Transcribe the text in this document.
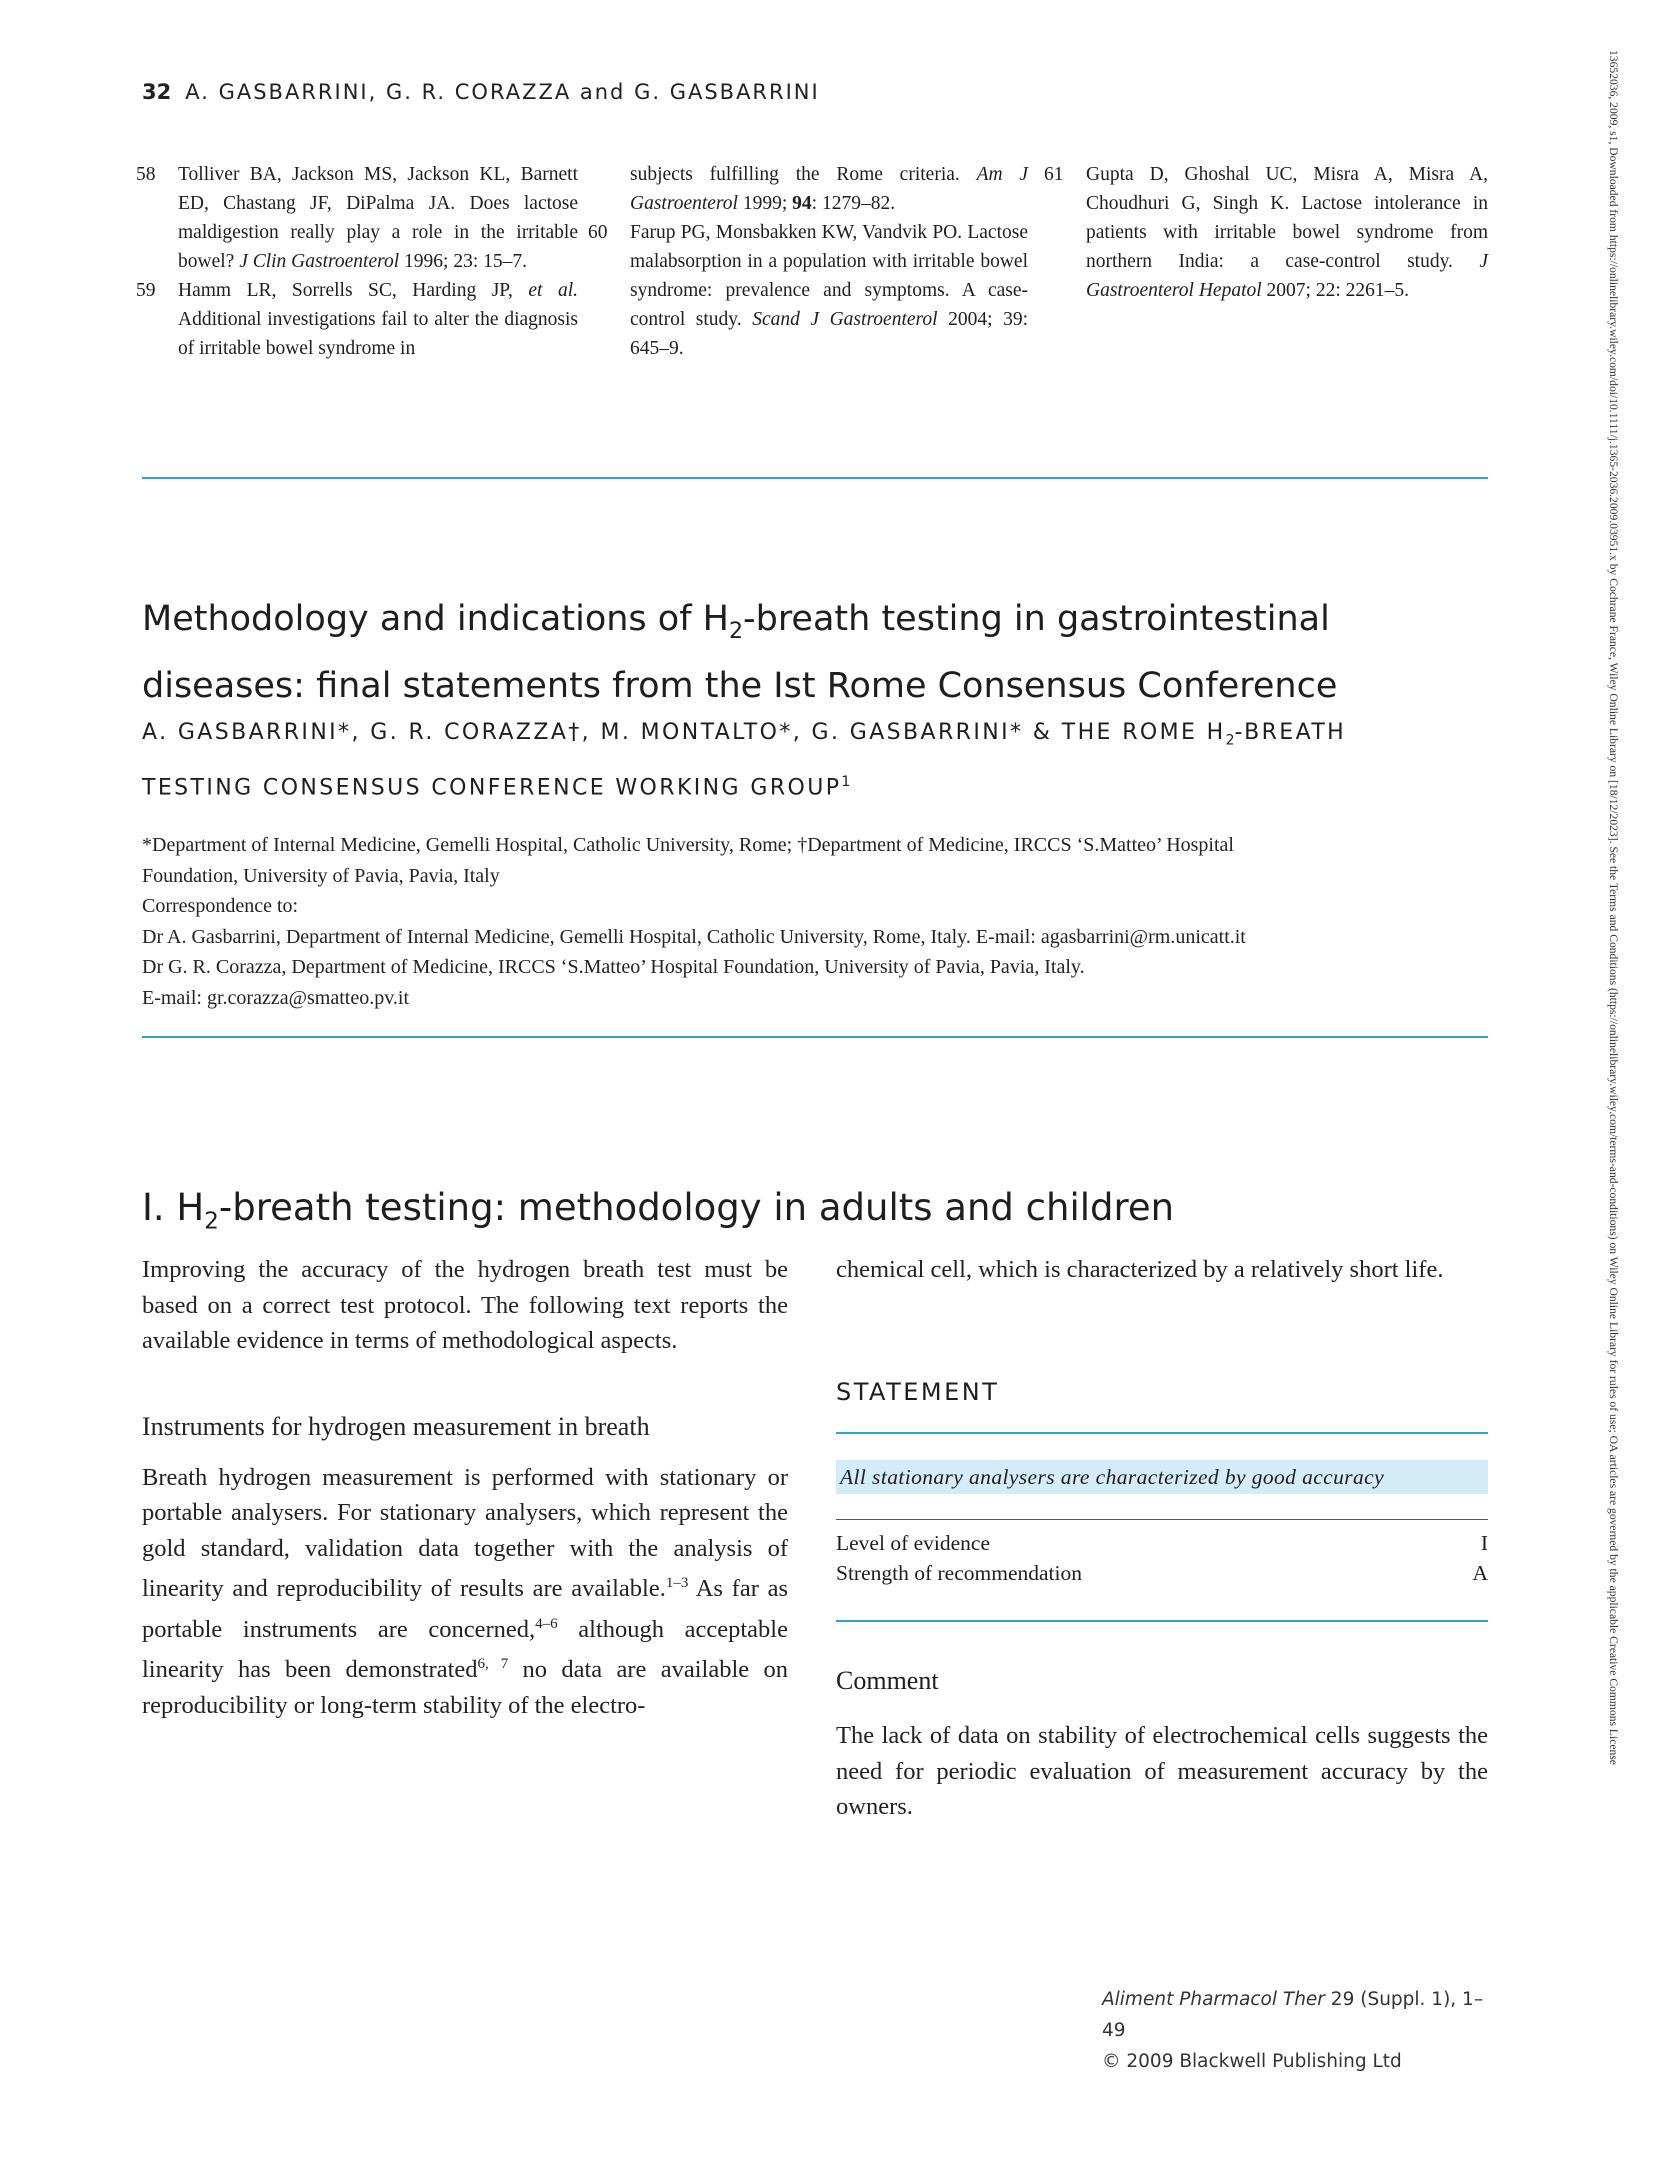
32 A. GASBARRINI, G. R. CORAZZA and G. GASBARRINI
58 Tolliver BA, Jackson MS, Jackson KL, Barnett ED, Chastang JF, DiPalma JA. Does lactose maldigestion really play a role in the irritable bowel? J Clin Gastroenterol 1996; 23: 15–7.
59 Hamm LR, Sorrells SC, Harding JP, et al. Additional investigations fail to alter the diagnosis of irritable bowel syndrome in
subjects fulfilling the Rome criteria. Am J Gastroenterol 1999; 94: 1279–82.
60 Farup PG, Monsbakken KW, Vandvik PO. Lactose malabsorption in a population with irritable bowel syndrome: prevalence and symptoms. A case-control study. Scand J Gastroenterol 2004; 39: 645–9.
61 Gupta D, Ghoshal UC, Misra A, Misra A, Choudhuri G, Singh K. Lactose intolerance in patients with irritable bowel syndrome from northern India: a case-control study. J Gastroenterol Hepatol 2007; 22: 2261–5.
Methodology and indications of $H_2$-breath testing in gastrointestinal
diseases: final statements from the Ist Rome Consensus Conference
A. GASBARRINI*, G. R. CORAZZA†, M. MONTALTO*, G. GASBARRINI* & THE ROME $H_2$-BREATH
TESTING CONSENSUS CONFERENCE WORKING GROUP$^1$
*Department of Internal Medicine, Gemelli Hospital, Catholic University, Rome; †Department of Medicine, IRCCS ‘S.Matteo’ Hospital
Foundation, University of Pavia, Pavia, Italy
Correspondence to:
Dr A. Gasbarrini, Department of Internal Medicine, Gemelli Hospital, Catholic University, Rome, Italy. E-mail: agasbarrini@rm.unicatt.it
Dr G. R. Corazza, Department of Medicine, IRCCS ‘S.Matteo’ Hospital Foundation, University of Pavia, Pavia, Italy.
E-mail: gr.corazza@smatteo.pv.it
I. $H_2$-breath testing: methodology in adults and children

Improving the accuracy of the hydrogen breath test must be based on a correct test protocol. The following text reports the available evidence in terms of methodological aspects.

Instruments for hydrogen measurement in breath

Breath hydrogen measurement is performed with stationary or portable analysers. For stationary analysers, which represent the gold standard, validation data together with the analysis of linearity and reproducibility of results are available.$^{1-3}$ As far as portable instruments are concerned,$^{4-6}$ although acceptable linearity has been demonstrated$^{6, 7}$ no data are available on reproducibility or long-term stability of the electro-

chemical cell, which is characterized by a relatively short life.

STATEMENT
All stationary analysers are characterized by good accuracy
Level of evidence	I
Strength of recommendation	A
Comment

The lack of data on stability of electrochemical cells suggests the need for periodic evaluation of measurement accuracy by the owners.

Aliment Pharmacol Ther 29 (Suppl. 1), 1–49
© 2009 Blackwell Publishing Ltd
13652036, 2009, s1, Downloaded from https://onlinelibrary.wiley.com/doi/10.1111/j.1365-2036.2009.03951.x by Cochrane France, Wiley Online Library on [18/12/2023]. See the Terms and Conditions (https://onlinelibrary.wiley.com/terms-and-conditions) on Wiley Online Library for rules of use; OA articles are governed by the applicable Creative Commons License
